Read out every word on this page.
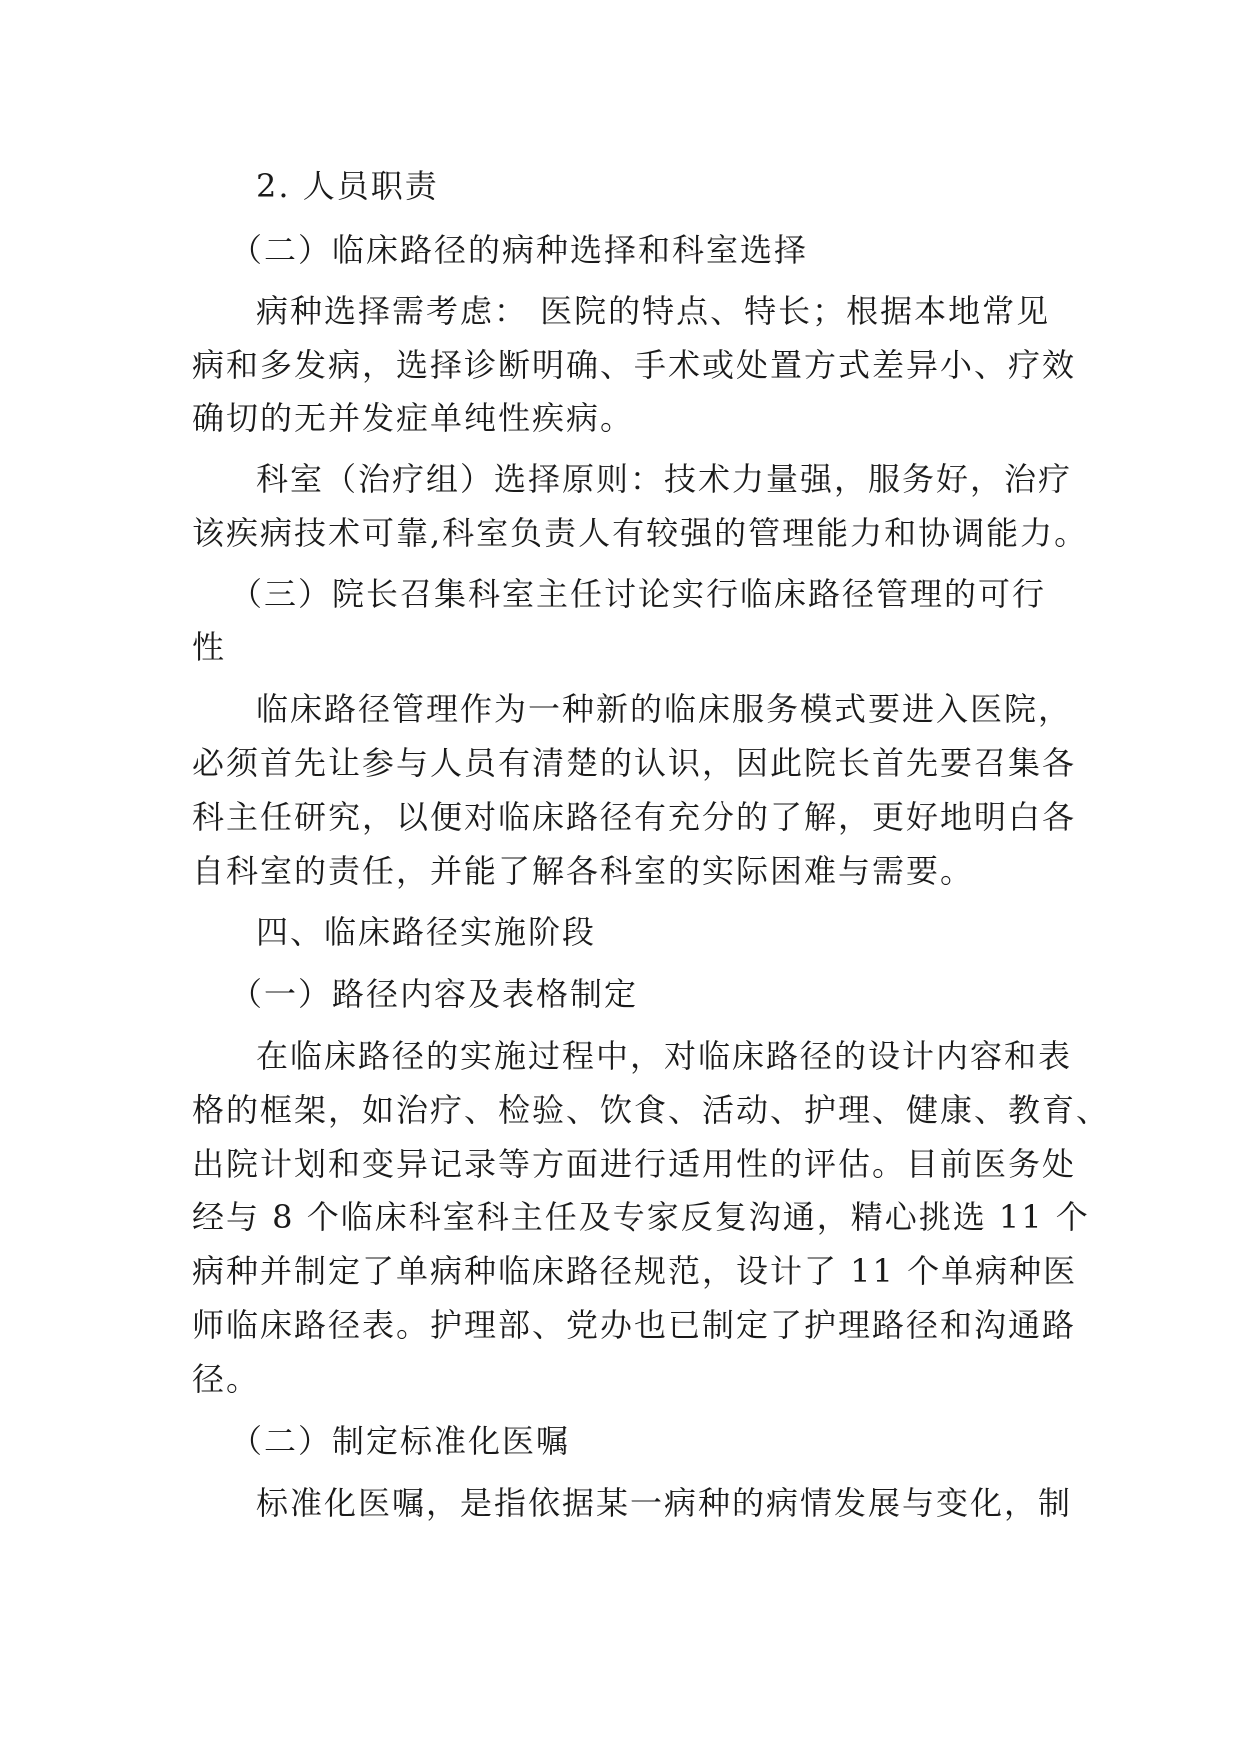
2. 人员职责
（二）临床路径的病种选择和科室选择
病种选择需考虑： 医院的特点、特长；根据本地常见
病和多发病，选择诊断明确、手术或处置方式差异小、疗效
确切的无并发症单纯性疾病。
科室（治疗组）选择原则：技术力量强，服务好，治疗
该疾病技术可靠,科室负责人有较强的管理能力和协调能力。
（三）院长召集科室主任讨论实行临床路径管理的可行
性
临床路径管理作为一种新的临床服务模式要进入医院，
必须首先让参与人员有清楚的认识，因此院长首先要召集各
科主任研究，以便对临床路径有充分的了解，更好地明白各
自科室的责任，并能了解各科室的实际困难与需要。
四、临床路径实施阶段
（一）路径内容及表格制定
在临床路径的实施过程中，对临床路径的设计内容和表
格的框架，如治疗、检验、饮食、活动、护理、健康、教育、
出院计划和变异记录等方面进行适用性的评估。目前医务处
经与 8 个临床科室科主任及专家反复沟通，精心挑选 11 个
病种并制定了单病种临床路径规范，设计了 11 个单病种医
师临床路径表。护理部、党办也已制定了护理路径和沟通路
径。
（二）制定标准化医嘱
标准化医嘱，是指依据某一病种的病情发展与变化，制
